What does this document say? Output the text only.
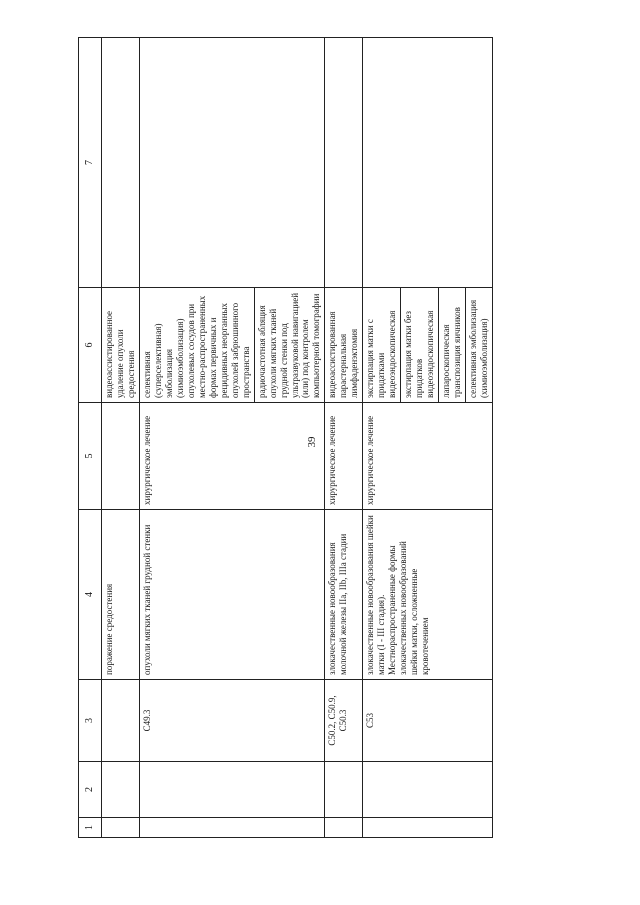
39
1	2	3	4	5	6	7
			поражение средостения		видеоассистированное удаление опухоли средостения	
		C49.3	опухоли мягких тканей грудной стенки	хирургическое лечение	селективная (суперселективная) эмболизация (химиоэмболизация) опухолевых сосудов при местно-распространенных формах первичных и рецидивных неорганных опухолей забрюшинного пространства	
					радиочастотная абляция опухоли мягких тканей грудной стенки под ультразвуковой навигацией (или) под контролем компьютерной томографии	
		C50.2, C50.9, C50.3	злокачественные новообразования молочной железы IIa, IIb, IIIa стадии	хирургическое лечение	видеоассистированная парастернальная лимфаденэктомия	
		C53	злокачественные новообразования шейки матки (I - III стадия). Местнораспространенные формы злокачественных новообразований шейки матки, осложненные кровотечением	хирургическое лечение	экстирпация матки с придатками видеоэндоскопическая	
					экстирпация матки без придатков видеоэндоскопическая	
					лапароскопическая транспозиция яичников	
					селективная эмболизация (химиоэмболизация)	
